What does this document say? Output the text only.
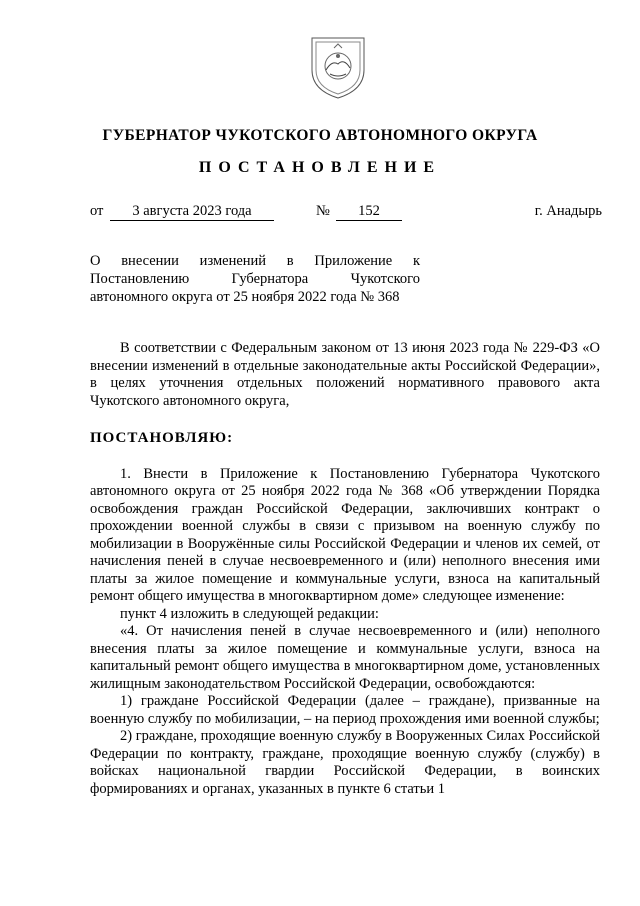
ГУБЕРНАТОР ЧУКОТСКОГО АВТОНОМНОГО ОКРУГА
ПОСТАНОВЛЕНИЕ
от	3 августа 2023 года	№	152	г. Анадырь
О внесении изменений в Приложение к
Постановлению Губернатора Чукотского
автономного округа от 25 ноября 2022 года № 368

В соответствии с Федеральным законом от 13 июня 2023 года № 229-ФЗ «О внесении изменений в отдельные законодательные акты Российской Федерации», в целях уточнения отдельных положений нормативного правового акта Чукотского автономного округа,

ПОСТАНОВЛЯЮ:

1. Внести в Приложение к Постановлению Губернатора Чукотского автономного округа от 25 ноября 2022 года № 368 «Об утверждении Порядка освобождения граждан Российской Федерации, заключивших контракт о прохождении военной службы в связи с призывом на военную службу по мобилизации в Вооружённые силы Российской Федерации и членов их семей, от начисления пеней в случае несвоевременного и (или) неполного внесения ими платы за жилое помещение и коммунальные услуги, взноса на капитальный ремонт общего имущества в многоквартирном доме» следующее изменение:

пункт 4 изложить в следующей редакции:

«4. От начисления пеней в случае несвоевременного и (или) неполного внесения платы за жилое помещение и коммунальные услуги, взноса на капитальный ремонт общего имущества в многоквартирном доме, установленных жилищным законодательством Российской Федерации, освобождаются:

1) граждане Российской Федерации (далее – граждане), призванные на военную службу по мобилизации, – на период прохождения ими военной службы;

2) граждане, проходящие военную службу в Вооруженных Силах Российской Федерации по контракту, граждане, проходящие военную службу (службу) в войсках национальной гвардии Российской Федерации, в воинских формированиях и органах, указанных в пункте 6 статьи 1
